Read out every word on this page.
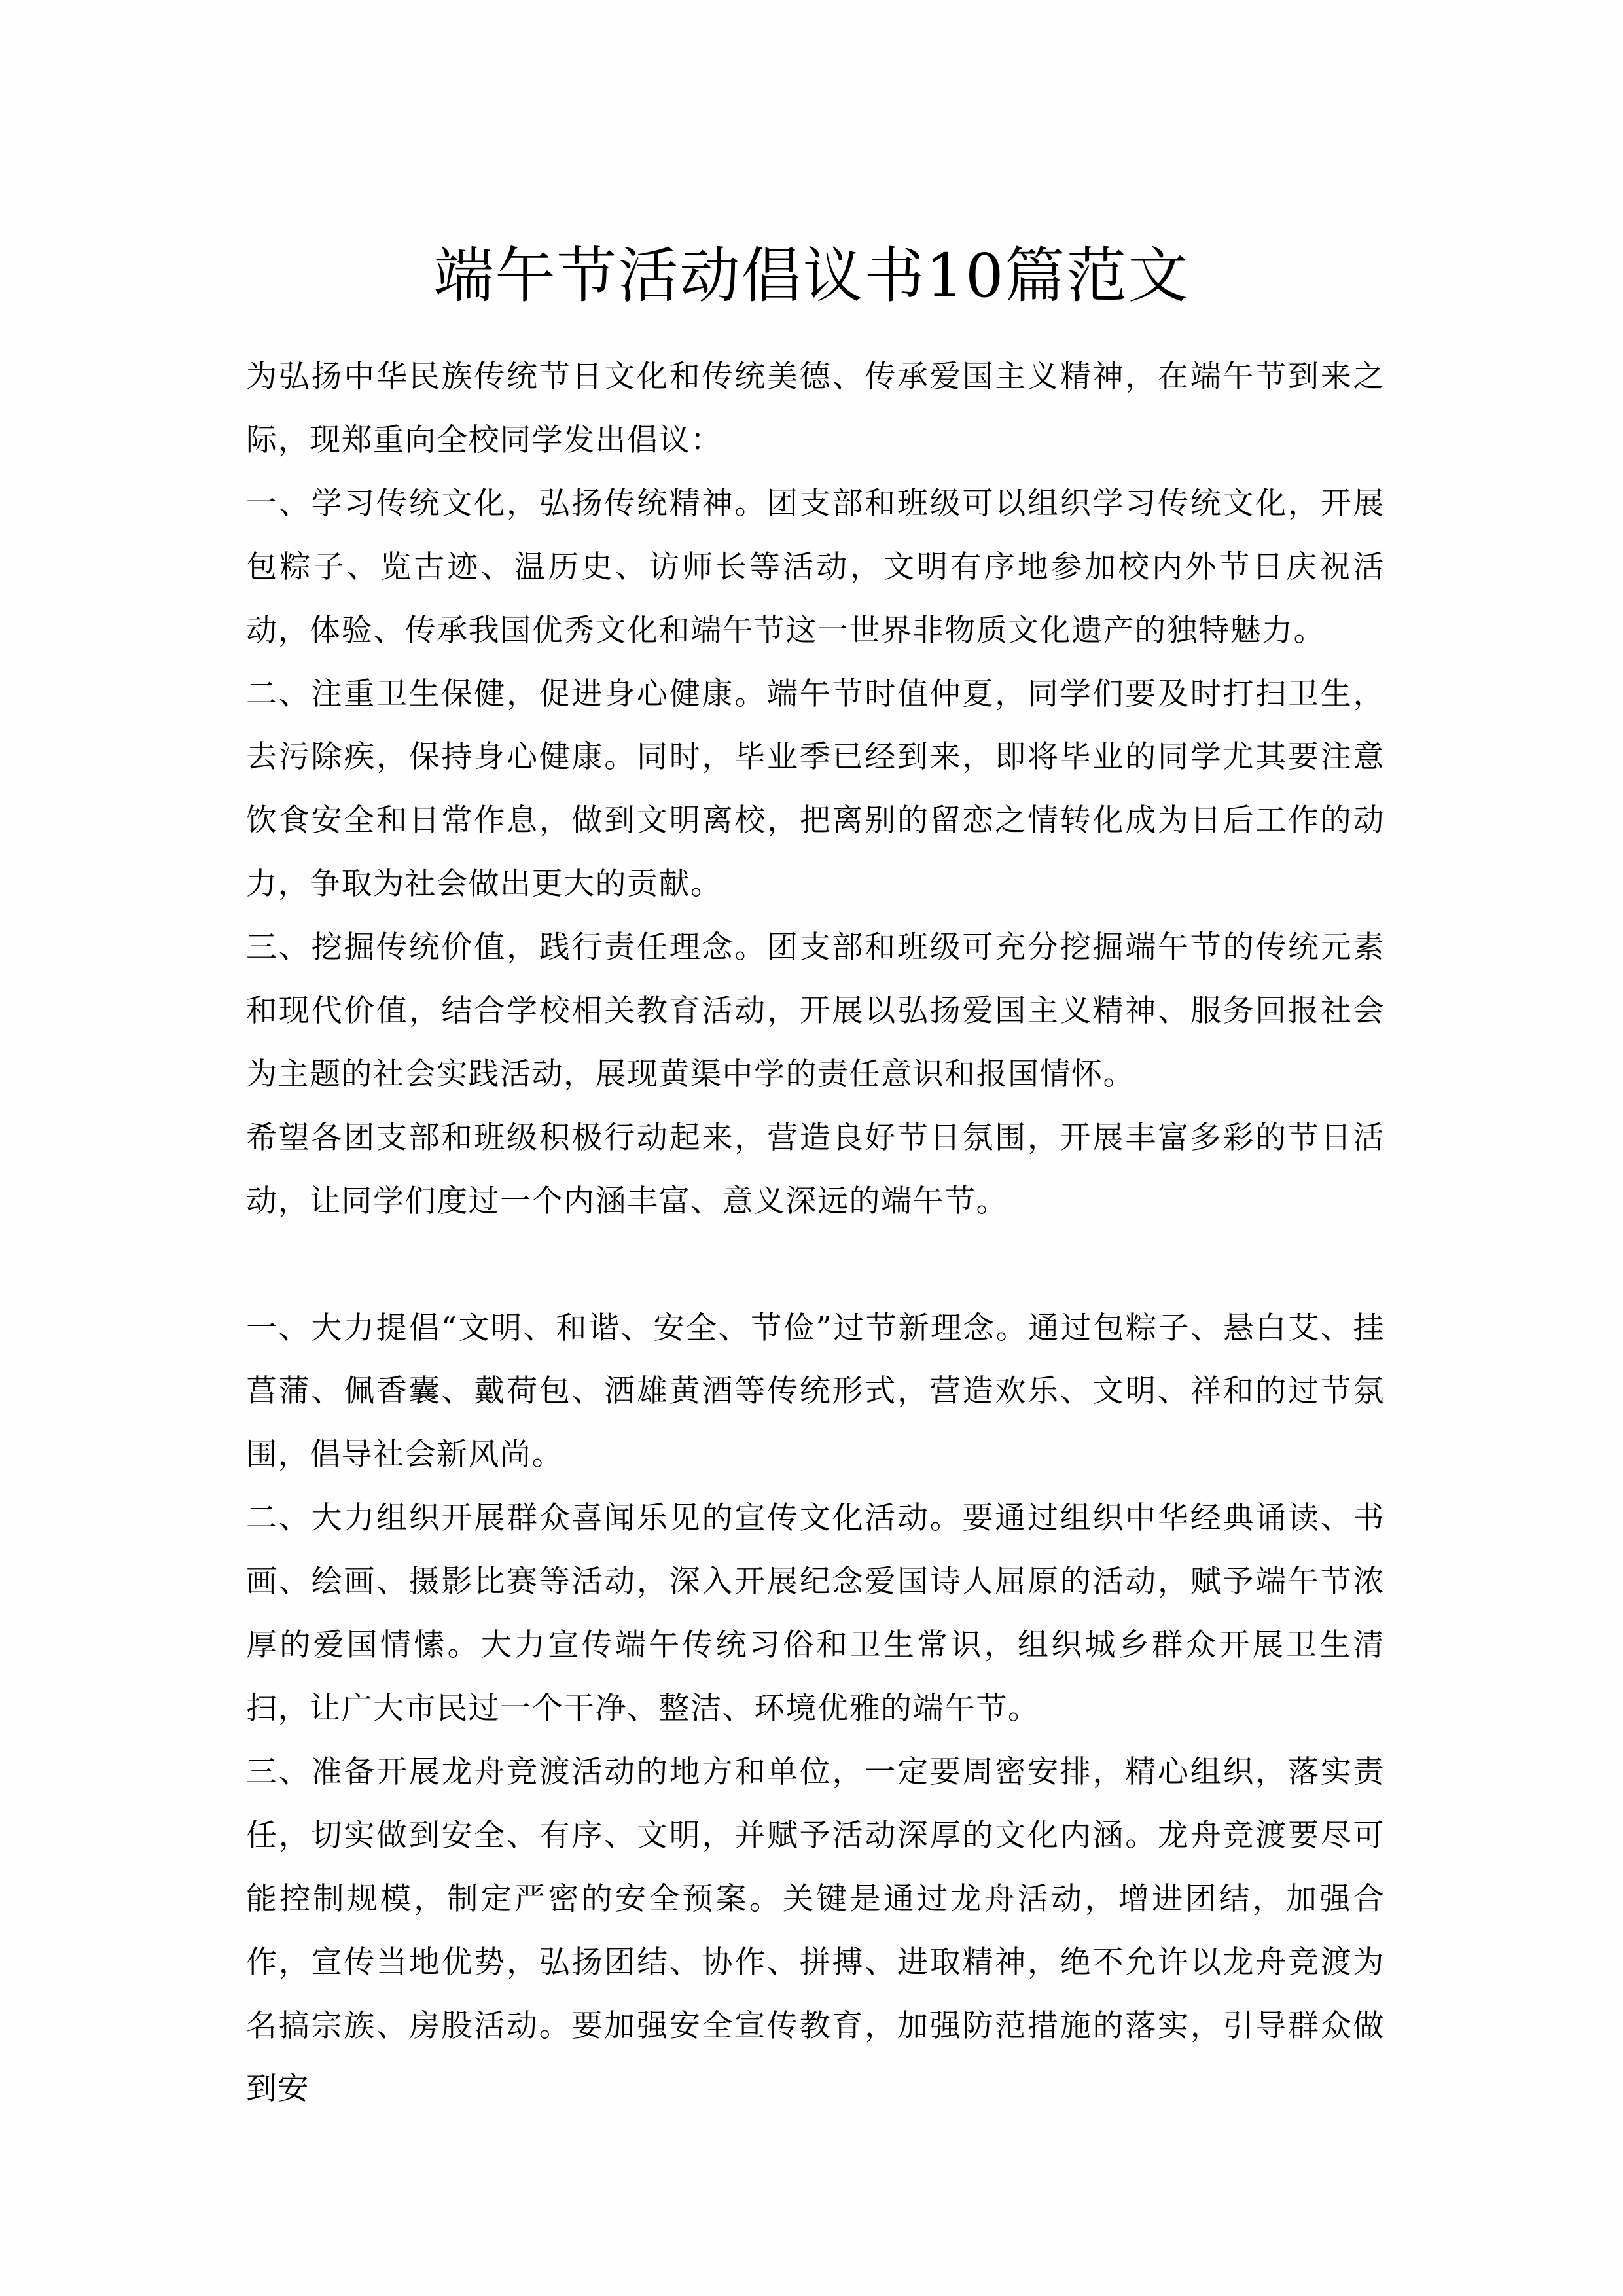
端午节活动倡议书10篇范文

为弘扬中华民族传统节日文化和传统美德、传承爱国主义精神，在端午节到来之际，现郑重向全校同学发出倡议：

一、学习传统文化，弘扬传统精神。团支部和班级可以组织学习传统文化，开展包粽子、览古迹、温历史、访师长等活动，文明有序地参加校内外节日庆祝活动，体验、传承我国优秀文化和端午节这一世界非物质文化遗产的独特魅力。

二、注重卫生保健，促进身心健康。端午节时值仲夏，同学们要及时打扫卫生，去污除疾，保持身心健康。同时，毕业季已经到来，即将毕业的同学尤其要注意饮食安全和日常作息，做到文明离校，把离别的留恋之情转化成为日后工作的动力，争取为社会做出更大的贡献。

三、挖掘传统价值，践行责任理念。团支部和班级可充分挖掘端午节的传统元素和现代价值，结合学校相关教育活动，开展以弘扬爱国主义精神、服务回报社会为主题的社会实践活动，展现黄渠中学的责任意识和报国情怀。

希望各团支部和班级积极行动起来，营造良好节日氛围，开展丰富多彩的节日活动，让同学们度过一个内涵丰富、意义深远的端午节。

一、大力提倡“文明、和谐、安全、节俭”过节新理念。通过包粽子、悬白艾、挂菖蒲、佩香囊、戴荷包、洒雄黄酒等传统形式，营造欢乐、文明、祥和的过节氛围，倡导社会新风尚。

二、大力组织开展群众喜闻乐见的宣传文化活动。要通过组织中华经典诵读、书画、绘画、摄影比赛等活动，深入开展纪念爱国诗人屈原的活动，赋予端午节浓厚的爱国情愫。大力宣传端午传统习俗和卫生常识，组织城乡群众开展卫生清扫，让广大市民过一个干净、整洁、环境优雅的端午节。

三、准备开展龙舟竞渡活动的地方和单位，一定要周密安排，精心组织，落实责任，切实做到安全、有序、文明，并赋予活动深厚的文化内涵。龙舟竞渡要尽可能控制规模，制定严密的安全预案。关键是通过龙舟活动，增进团结，加强合作，宣传当地优势，弘扬团结、协作、拼搏、进取精神，绝不允许以龙舟竞渡为名搞宗族、房股活动。要加强安全宣传教育，加强防范措施的落实，引导群众做到安
